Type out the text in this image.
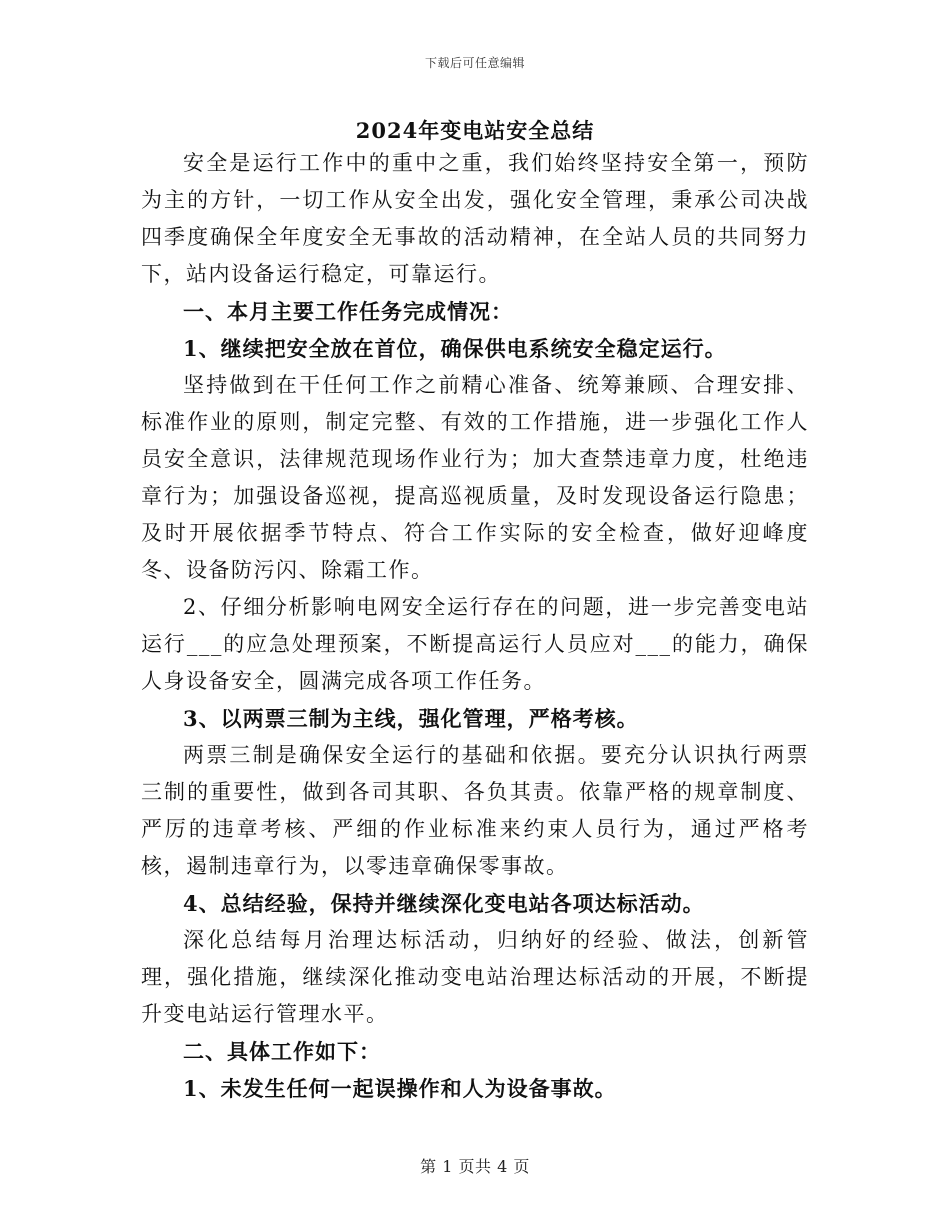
下载后可任意编辑
2024年变电站安全总结

安全是运行工作中的重中之重，我们始终坚持安全第一，预防为主的方针，一切工作从安全出发，强化安全管理，秉承公司决战四季度确保全年度安全无事故的活动精神，在全站人员的共同努力下，站内设备运行稳定，可靠运行。

一、本月主要工作任务完成情况：

1、继续把安全放在首位，确保供电系统安全稳定运行。

坚持做到在干任何工作之前精心准备、统筹兼顾、合理安排、标准作业的原则，制定完整、有效的工作措施，进一步强化工作人员安全意识，法律规范现场作业行为；加大查禁违章力度，杜绝违章行为；加强设备巡视，提高巡视质量，及时发现设备运行隐患；及时开展依据季节特点、符合工作实际的安全检查，做好迎峰度冬、设备防污闪、除霜工作。

2、仔细分析影响电网安全运行存在的问题，进一步完善变电站运行___的应急处理预案，不断提高运行人员应对___的能力，确保人身设备安全，圆满完成各项工作任务。

3、以两票三制为主线，强化管理，严格考核。

两票三制是确保安全运行的基础和依据。要充分认识执行两票三制的重要性，做到各司其职、各负其责。依靠严格的规章制度、严厉的违章考核、严细的作业标准来约束人员行为，通过严格考核，遏制违章行为，以零违章确保零事故。

4、总结经验，保持并继续深化变电站各项达标活动。

深化总结每月治理达标活动，归纳好的经验、做法，创新管理，强化措施，继续深化推动变电站治理达标活动的开展，不断提升变电站运行管理水平。

二、具体工作如下：

1、未发生任何一起误操作和人为设备事故。

第 1 页共 4 页
